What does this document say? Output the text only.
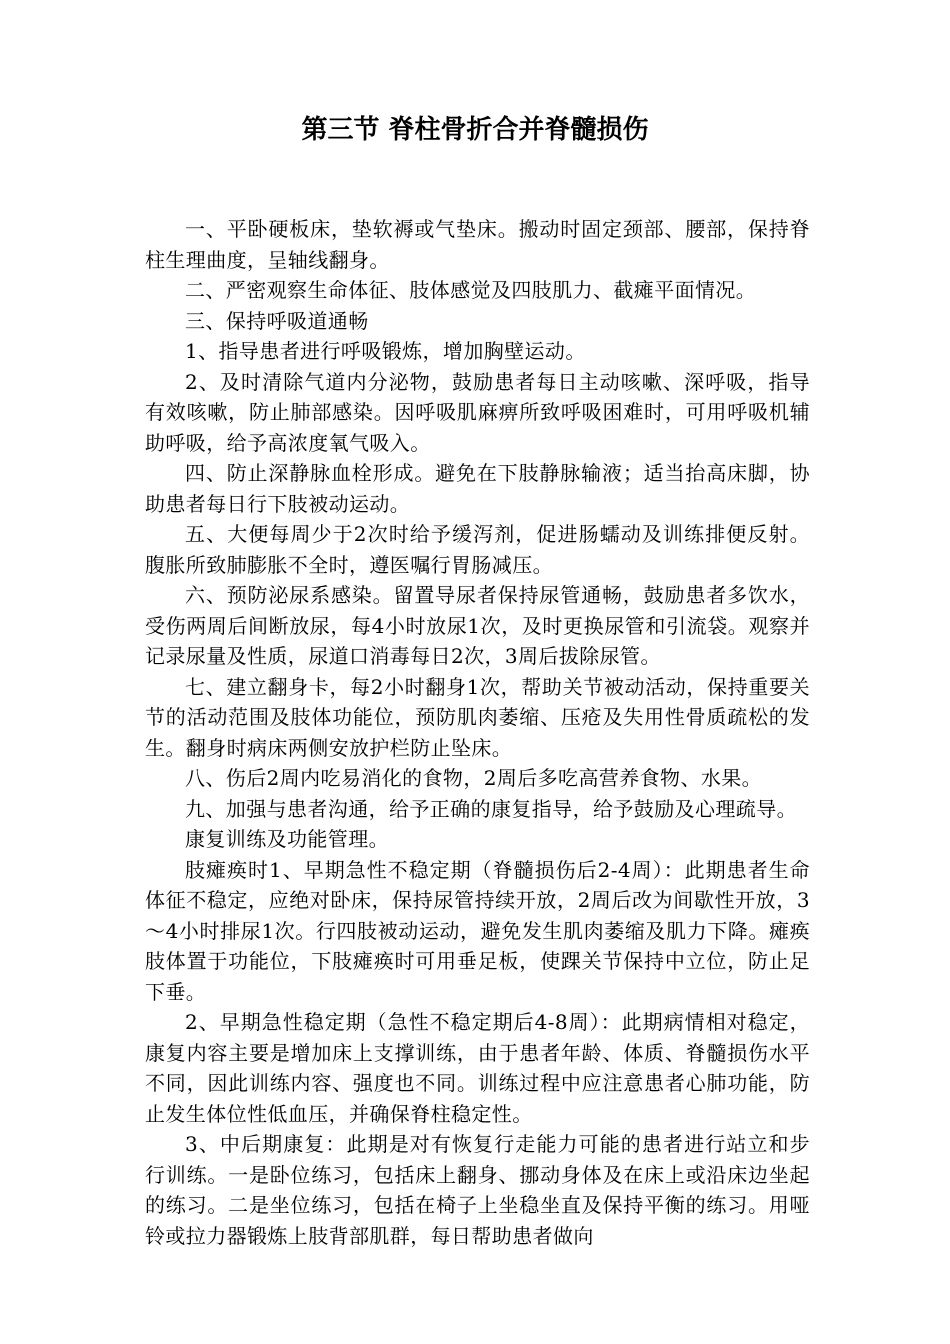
第三节 脊柱骨折合并脊髓损伤

一、平卧硬板床，垫软褥或气垫床。搬动时固定颈部、腰部，保持脊柱生理曲度，呈轴线翻身。

二、严密观察生命体征、肢体感觉及四肢肌力、截瘫平面情况。

三、保持呼吸道通畅

1、指导患者进行呼吸锻炼，增加胸壁运动。

2、及时清除气道内分泌物，鼓励患者每日主动咳嗽、深呼吸，指导有效咳嗽，防止肺部感染。因呼吸肌麻痹所致呼吸困难时，可用呼吸机辅助呼吸，给予高浓度氧气吸入。

四、防止深静脉血栓形成。避免在下肢静脉输液；适当抬高床脚，协助患者每日行下肢被动运动。

五、大便每周少于2次时给予缓泻剂，促进肠蠕动及训练排便反射。腹胀所致肺膨胀不全时，遵医嘱行胃肠减压。

六、预防泌尿系感染。留置导尿者保持尿管通畅，鼓励患者多饮水，受伤两周后间断放尿，每4小时放尿1次，及时更换尿管和引流袋。观察并记录尿量及性质，尿道口消毒每日2次，3周后拔除尿管。

七、建立翻身卡，每2小时翻身1次，帮助关节被动活动，保持重要关节的活动范围及肢体功能位，预防肌肉萎缩、压疮及失用性骨质疏松的发生。翻身时病床两侧安放护栏防止坠床。

八、伤后2周内吃易消化的食物，2周后多吃高营养食物、水果。

九、加强与患者沟通，给予正确的康复指导，给予鼓励及心理疏导。

康复训练及功能管理。

肢瘫痪时1、早期急性不稳定期（脊髓损伤后2-4周）：此期患者生命体征不稳定，应绝对卧床，保持尿管持续开放，2周后改为间歇性开放，3～4小时排尿1次。行四肢被动运动，避免发生肌肉萎缩及肌力下降。瘫痪肢体置于功能位，下肢瘫痪时可用垂足板，使踝关节保持中立位，防止足下垂。

2、早期急性稳定期（急性不稳定期后4-8周）：此期病情相对稳定，康复内容主要是增加床上支撑训练，由于患者年龄、体质、脊髓损伤水平不同，因此训练内容、强度也不同。训练过程中应注意患者心肺功能，防止发生体位性低血压，并确保脊柱稳定性。

3、中后期康复：此期是对有恢复行走能力可能的患者进行站立和步行训练。一是卧位练习，包括床上翻身、挪动身体及在床上或沿床边坐起的练习。二是坐位练习，包括在椅子上坐稳坐直及保持平衡的练习。用哑铃或拉力器锻炼上肢背部肌群，每日帮助患者做向
